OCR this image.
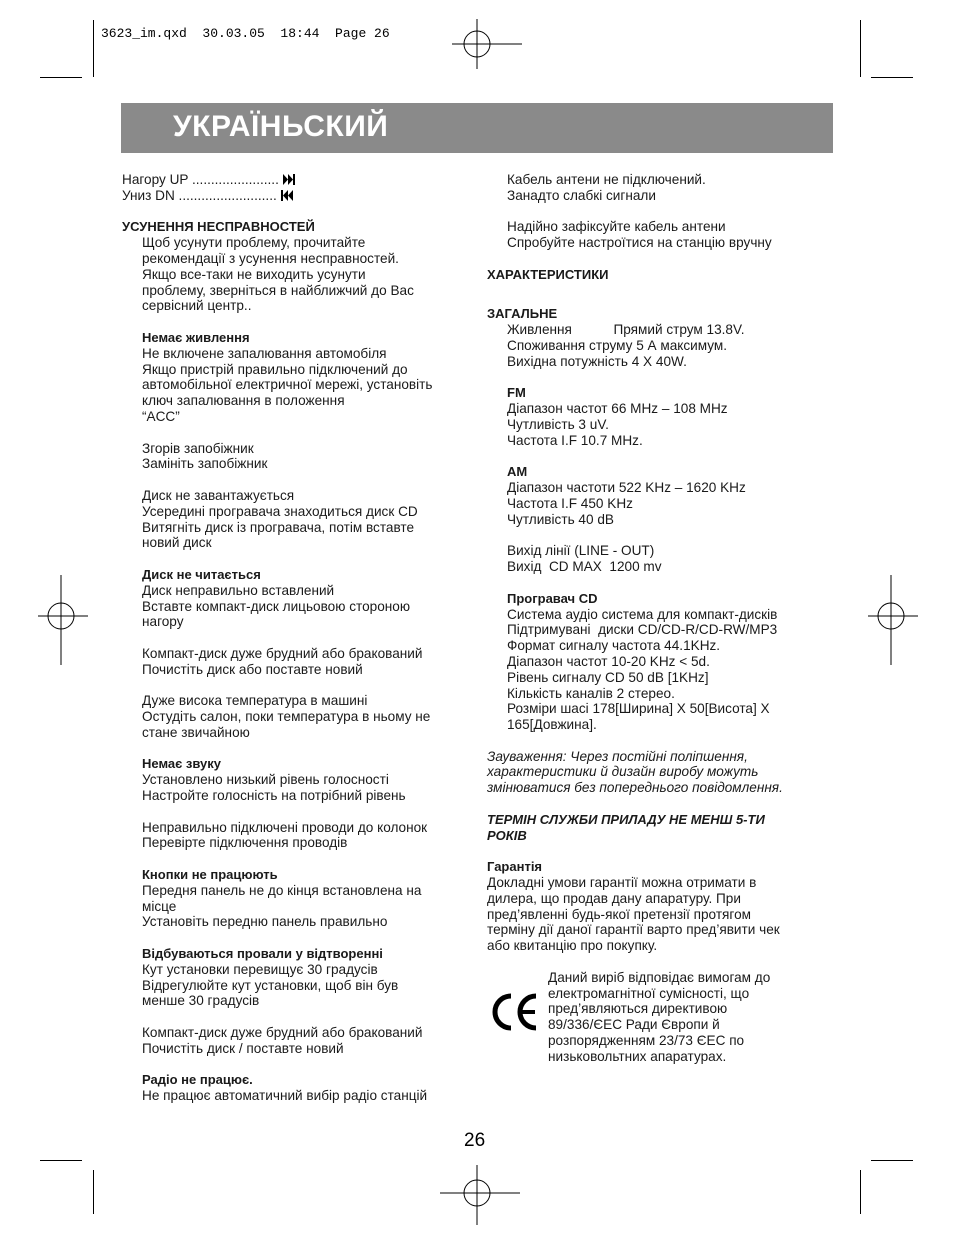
3623_im.qxd  30.03.05  18:44  Page 26
УКРАЇНЬСКИЙ
Нагору UP .......................
Униз DN ..........................

УСУНЕННЯ НЕСПРАВНОСТЕЙ

Щоб усунути проблему, прочитайте

рекомендації з усунення несправностей.

Якщо все-таки не виходить усунути

проблему, зверніться в найближчий до Вас

сервісний центр..

Немає живлення

Не включене запалювання автомобіля

Якщо пристрій правильно підключений до

автомобільної електричної мережі, установіть

ключ запалювання в положення

“ACC”

Згорів запобіжник

Замініть запобіжник

Диск не завантажується

Усередині програвача знаходиться диск CD

Витягніть диск із програвача, потім вставте

новий диск

Диск не читається

Диск неправильно вставлений

Вставте компакт-диск лицьовою стороною

нагору

Компакт-диск дуже брудний або бракований

Почистіть диск або поставте новий

Дуже висока температура в машині

Остудіть салон, поки температура в ньому не

стане звичайною

Немає звуку

Установлено низький рівень голосності

Настройте голосність на потрібний рівень

Неправильно підключені проводи до колонок

Перевірте підключення проводів

Кнопки не працюють

Передня панель не до кінця встановлена на

місце

Установіть передню панель правильно

Відбуваються провали у відтворенні

Кут установки перевищує 30 градусів

Відрегулюйте кут установки, щоб він був

менше 30 градусів

Компакт-диск дуже брудний або бракований

Почистіть диск / поставте новий

Радіо не працює.

Не працює автоматичний вибір радіо станцій

Кабель антени не підключений.

Занадто слабкі сигнали

Надійно зафіксуйте кабель антени

Спробуйте настроїтися на станцію вручну

ХАРАКТЕРИСТИКИ

ЗАГАЛЬНЕ

Живлення           Прямий струм 13.8V.

Споживання струму 5 А максимум.

Вихідна потужність 4 X 40W.

FM

Діапазон частот 66 MHz – 108 MHz

Чутливість 3 uV.

Частота I.F 10.7 MHz.

AM

Діапазон частоти 522 KHz – 1620 KHz

Частота I.F 450 KHz

Чутливість 40 dB

Вихід лінії (LINE - OUT)

Вихід  CD MAX  1200 mv

Програвач CD

Система аудіо система для компакт-дисків

Підтримувані  диски CD/CD-R/CD-RW/MP3

Формат сигналу частота 44.1KHz.

Діапазон частот 10-20 KHz < 5d.

Рівень сигналу CD 50 dB [1KHz]

Кількість каналів 2 стерео.

Розміри шасі 178[Ширина] X 50[Висота] X

165[Довжина].

Зауваження: Через постійні поліпшення,

характеристики й дизайн виробу можуть

змінюватися без попереднього повідомлення.

ТЕРМІН СЛУЖБИ ПРИЛАДУ НЕ МЕНШ 5-ТИ

РОКІВ

Гарантія

Докладні умови гарантії можна отримати в

дилера, що продав дану апаратуру. При

пред’явленні будь-якої претензії протягом

терміну дії даної гарантії варто пред’явити чек

або квитанцію про покупку.

Даний виріб відповідає вимогам до

електромагнітної сумісності, що

пред’являються директивою

89/336/ЄЕС Ради Європи й

розпорядженням 23/73 ЄЕС по

низьковольтних апаратурах.

26
